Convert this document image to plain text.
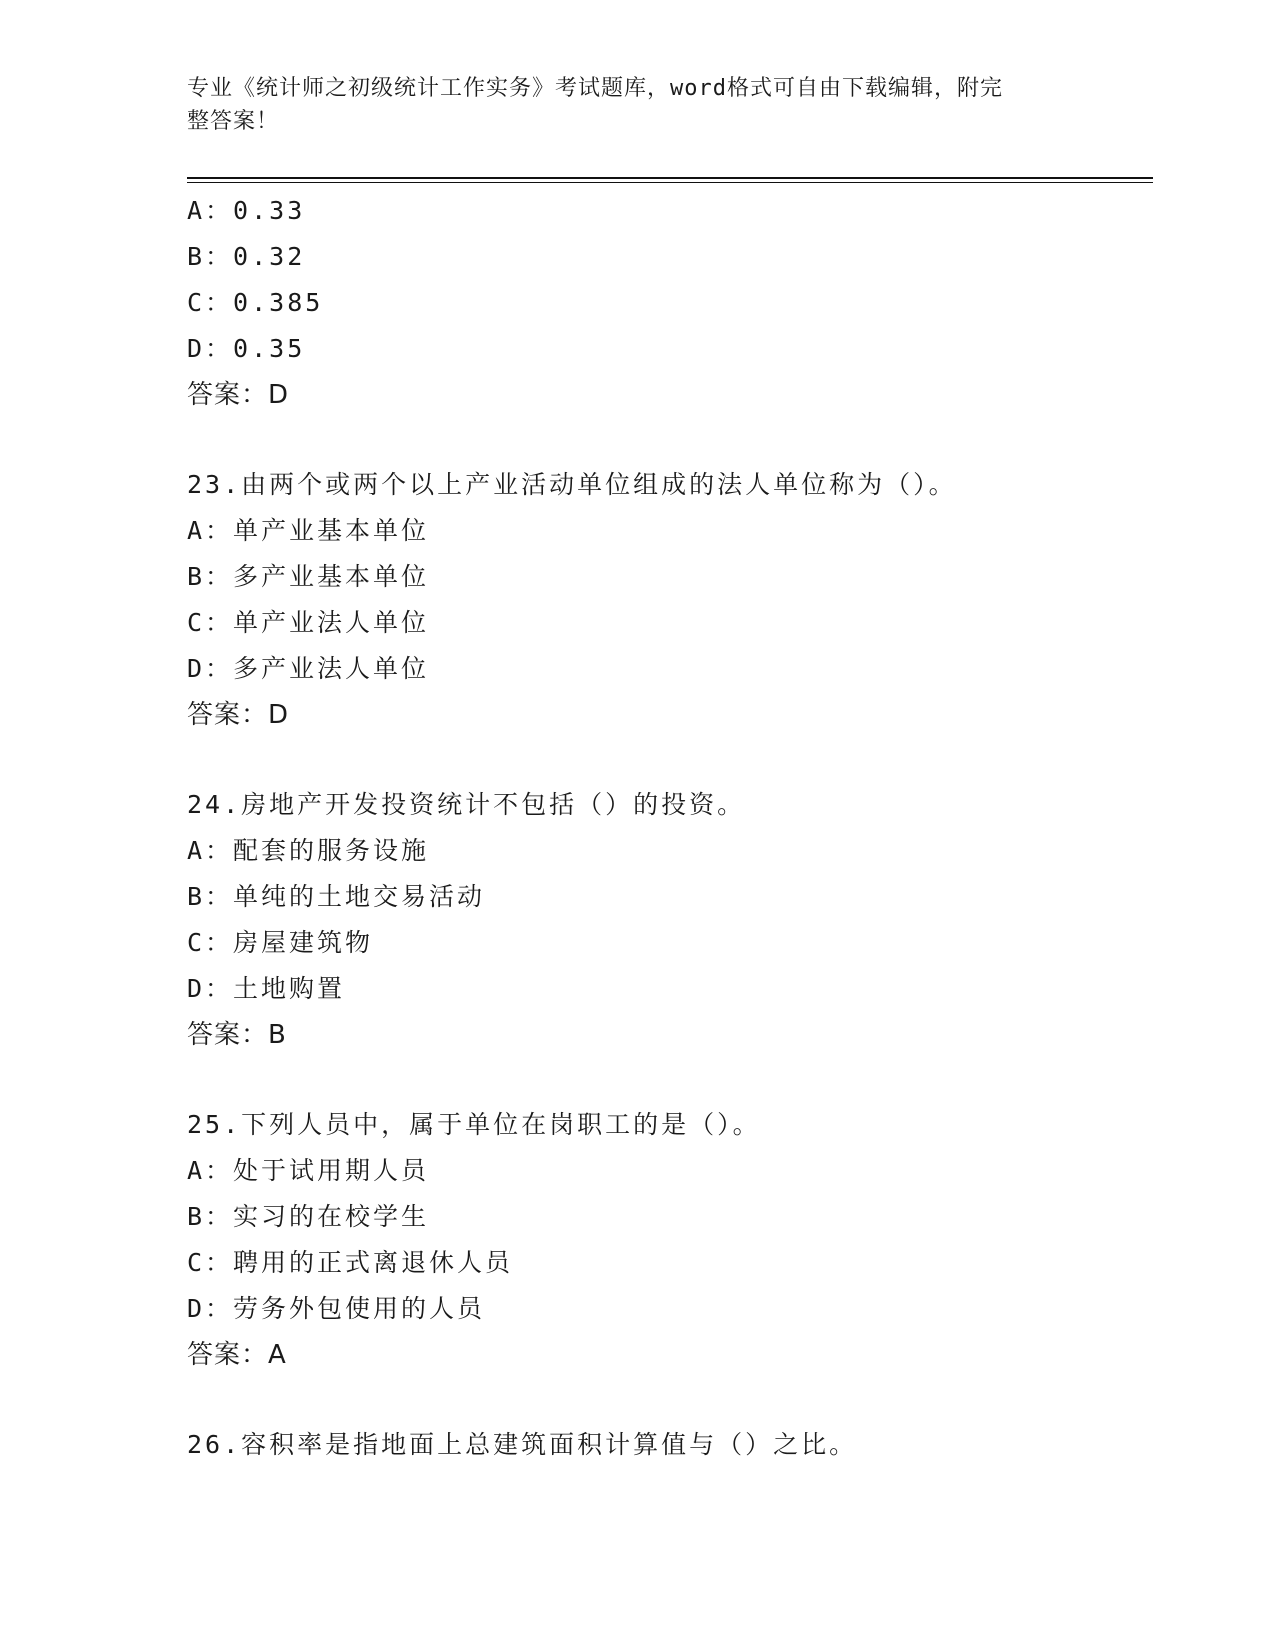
专业《统计师之初级统计工作实务》考试题库，word格式可自由下载编辑，附完
整答案！
A：0.33
B：0.32
C：0.385
D：0.35
答案：D
23.由两个或两个以上产业活动单位组成的法人单位称为（）。
A：单产业基本单位
B：多产业基本单位
C：单产业法人单位
D：多产业法人单位
答案：D
24.房地产开发投资统计不包括（）的投资。
A：配套的服务设施
B：单纯的土地交易活动
C：房屋建筑物
D：土地购置
答案：B
25.下列人员中，属于单位在岗职工的是（）。
A：处于试用期人员
B：实习的在校学生
C：聘用的正式离退休人员
D：劳务外包使用的人员
答案：A
26.容积率是指地面上总建筑面积计算值与（）之比。
